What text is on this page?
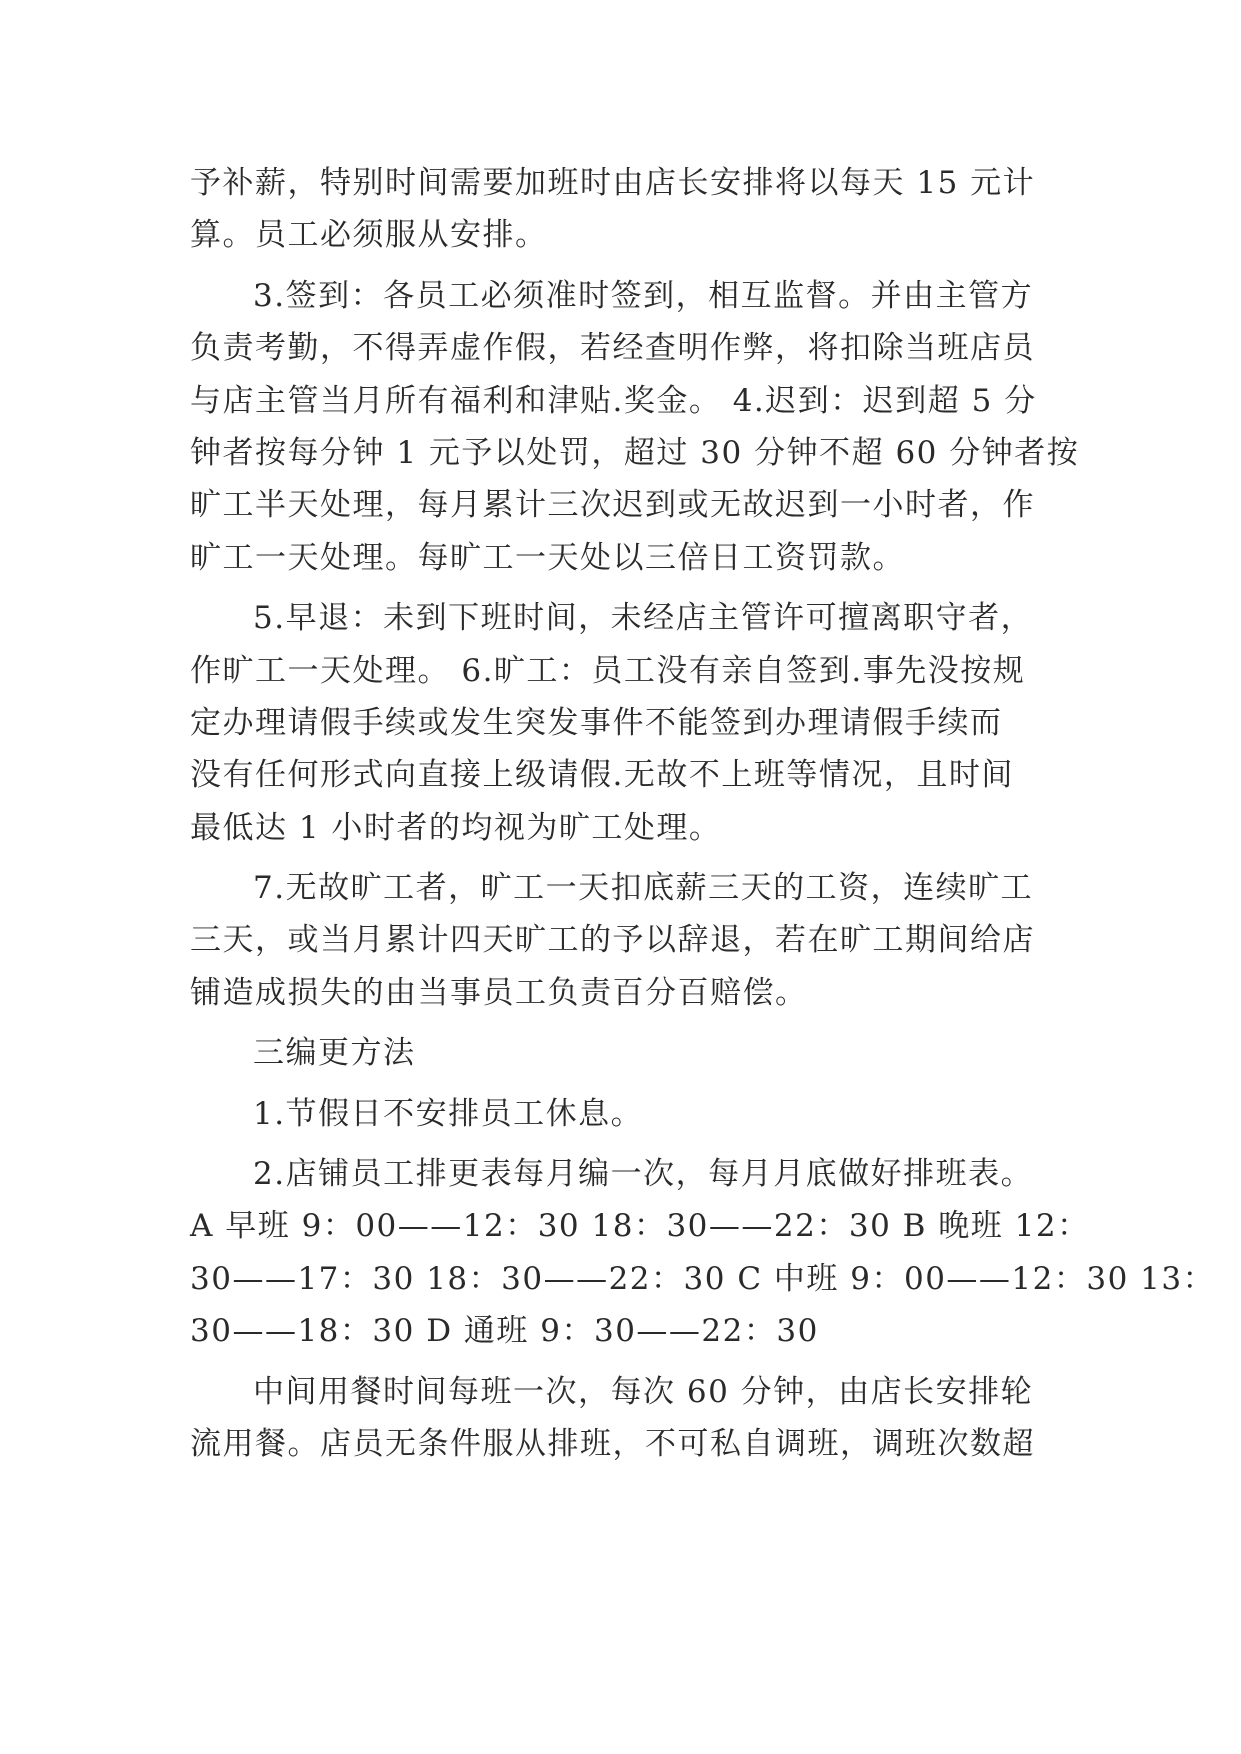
予补薪，特别时间需要加班时由店长安排将以每天 15 元计
算。员工必须服从安排。
3.签到：各员工必须准时签到，相互监督。并由主管方
负责考勤，不得弄虚作假，若经查明作弊，将扣除当班店员
与店主管当月所有福利和津贴.奖金。 4.迟到：迟到超 5 分
钟者按每分钟 1 元予以处罚，超过 30 分钟不超 60 分钟者按
旷工半天处理，每月累计三次迟到或无故迟到一小时者，作
旷工一天处理。每旷工一天处以三倍日工资罚款。
5.早退：未到下班时间，未经店主管许可擅离职守者，
作旷工一天处理。 6.旷工：员工没有亲自签到.事先没按规
定办理请假手续或发生突发事件不能签到办理请假手续而
没有任何形式向直接上级请假.无故不上班等情况，且时间
最低达 1 小时者的均视为旷工处理。
7.无故旷工者，旷工一天扣底薪三天的工资，连续旷工
三天，或当月累计四天旷工的予以辞退，若在旷工期间给店
铺造成损失的由当事员工负责百分百赔偿。
三编更方法
1.节假日不安排员工休息。
2.店铺员工排更表每月编一次，每月月底做好排班表。
A 早班 9：00——12：30 18：30——22：30 B 晚班 12：
30——17：30 18：30——22：30 C 中班 9：00——12：30 13：
30——18：30 D 通班 9：30——22：30
中间用餐时间每班一次，每次 60 分钟，由店长安排轮
流用餐。店员无条件服从排班，不可私自调班，调班次数超
